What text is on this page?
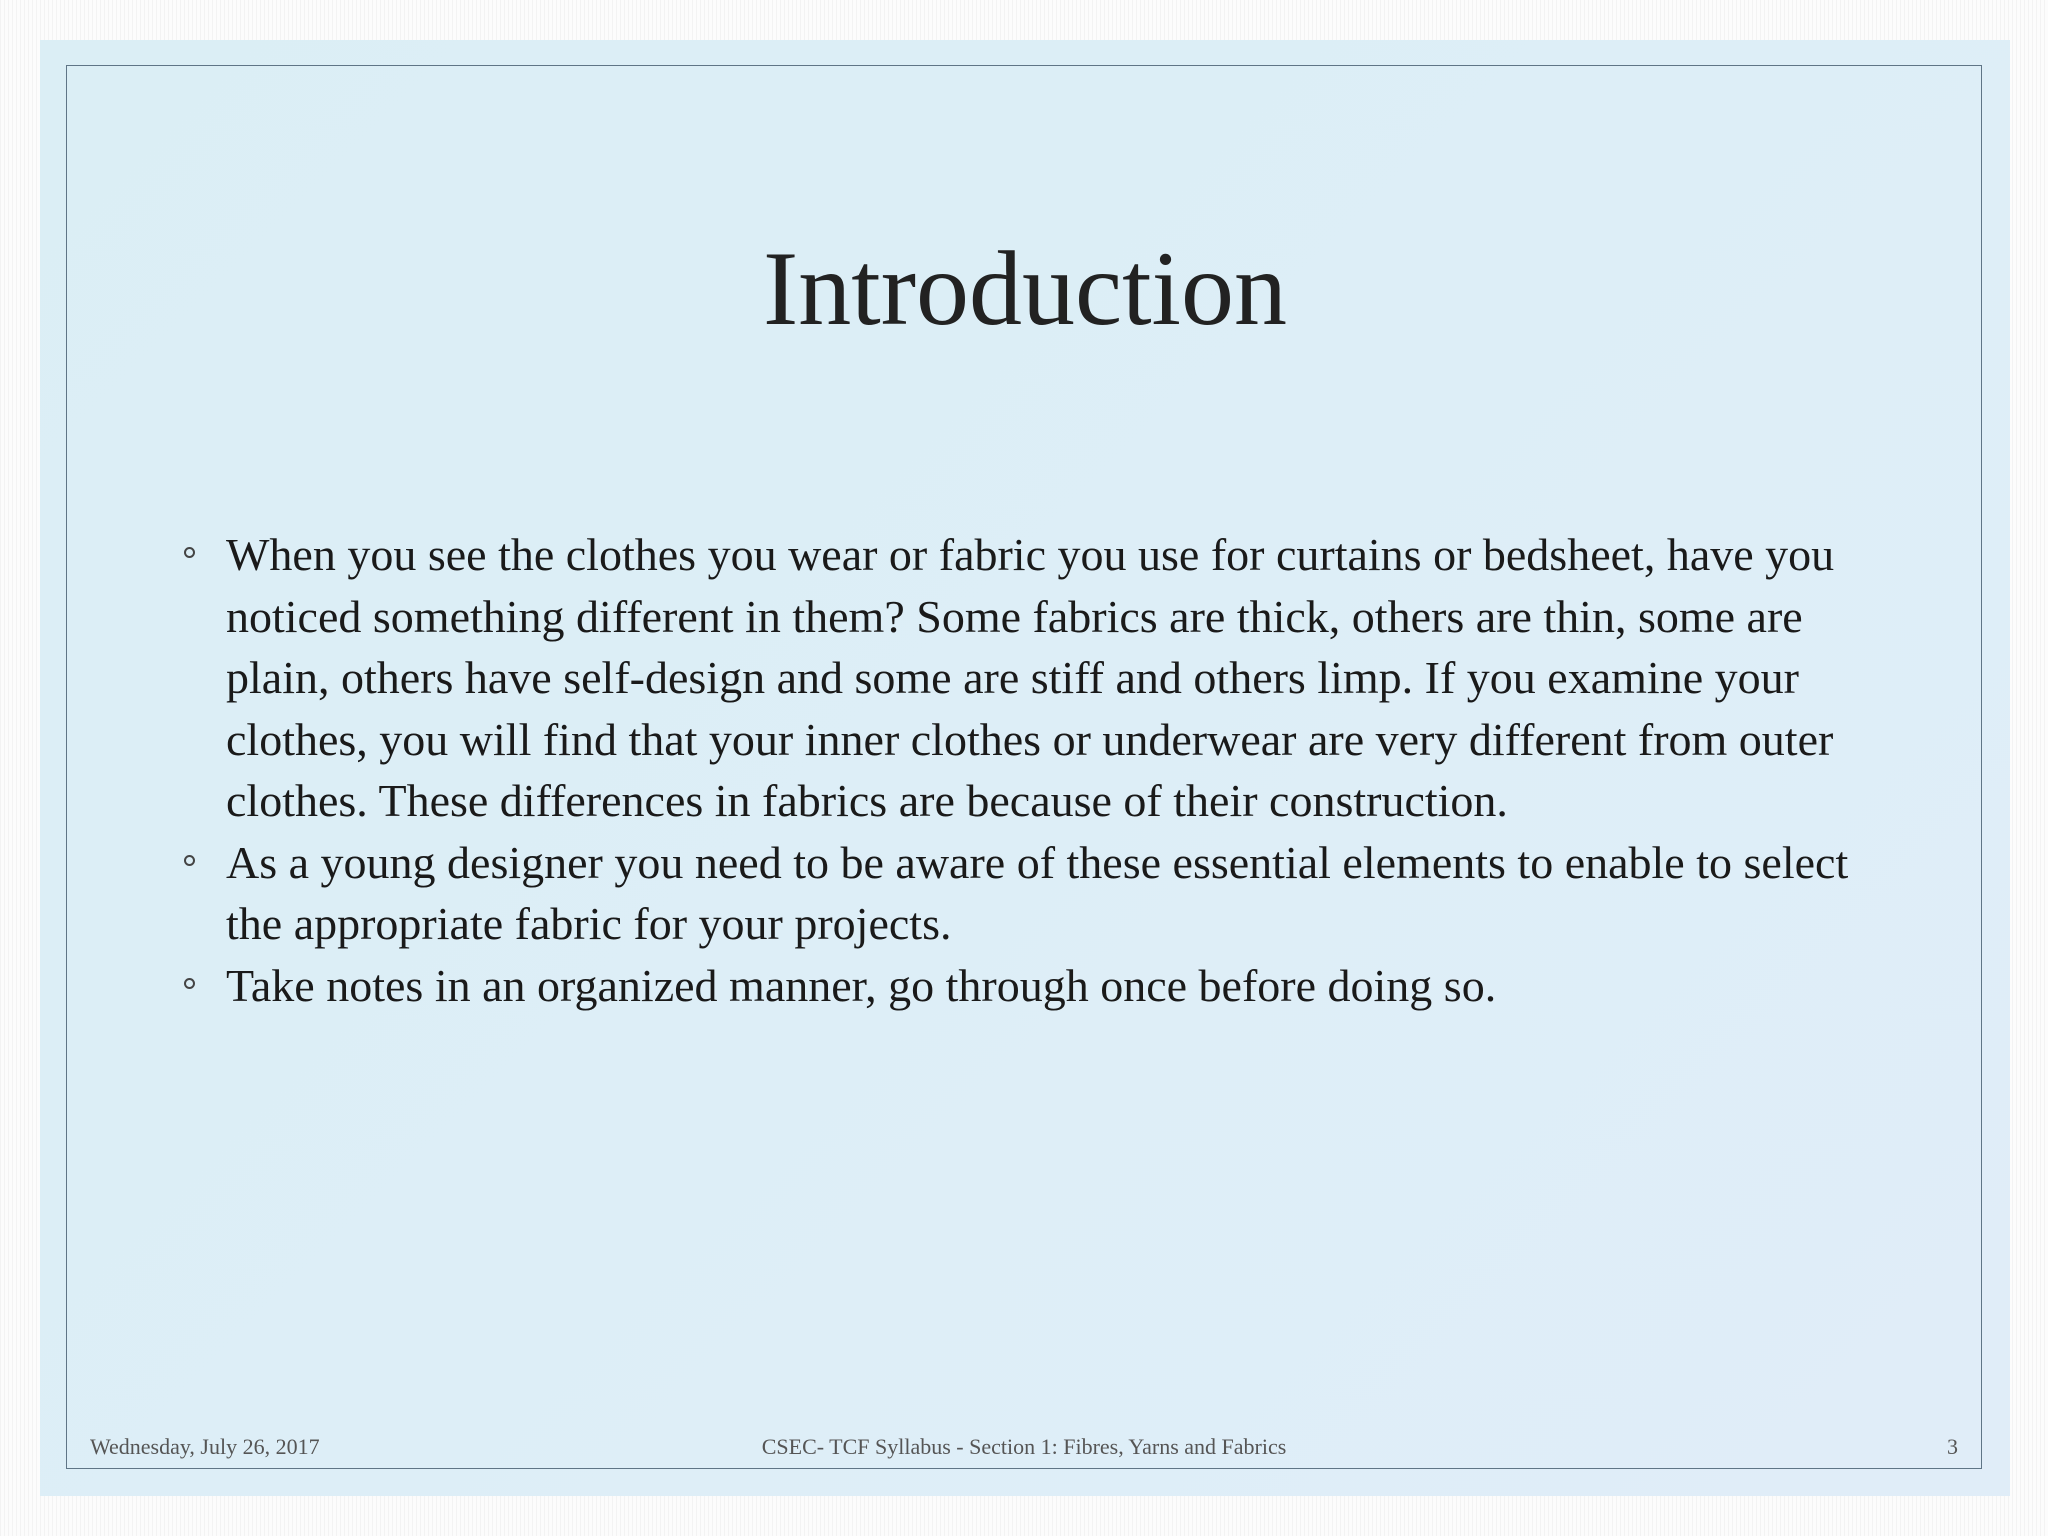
Introduction
When you see the clothes you wear or fabric you use for curtains or bedsheet, have you noticed something different in them? Some fabrics are thick, others are thin, some are plain, others have self-design and some are stiff and others limp. If you examine your clothes, you will find that your inner clothes or underwear are very different from outer clothes. These differences in fabrics are because of their construction.
As a young designer you need to be aware of these essential elements to enable to select the appropriate fabric for your projects.
Take notes in an organized manner, go through once before doing so.
Wednesday, July 26, 2017	CSEC- TCF Syllabus - Section 1: Fibres, Yarns and Fabrics	3
